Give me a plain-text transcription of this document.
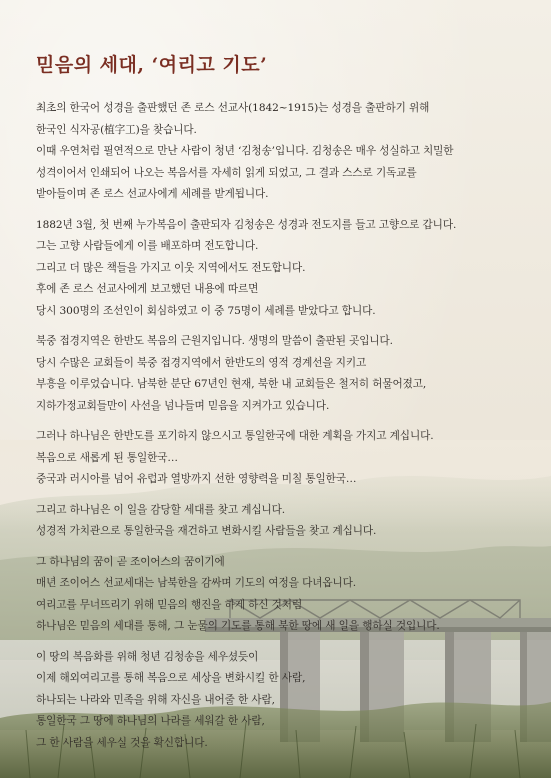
믿음의 세대, ‘여리고 기도’
최초의 한국어 성경을 출판했던 존 로스 선교사(1842~1915)는 성경을 출판하기 위해
한국인 식자공(植字工)을 찾습니다.
이때 우연처럼 필연적으로 만난 사람이 청년 ‘김청송’입니다. 김청송은 매우 성실하고 치밀한
성격이어서 인쇄되어 나오는 복음서를 자세히 읽게 되었고, 그 결과 스스로 기독교를
받아들이며 존 로스 선교사에게 세례를 받게됩니다.
1882년 3월, 첫 번째 누가복음이 출판되자 김청송은 성경과 전도지를 들고 고향으로 갑니다.
그는 고향 사람들에게 이를 배포하며 전도합니다.
그리고 더 많은 책들을 가지고 이웃 지역에서도 전도합니다.
후에 존 로스 선교사에게 보고했던 내용에 따르면
당시 300명의 조선인이 회심하였고 이 중 75명이 세례를 받았다고 합니다.
북중 접경지역은 한반도 복음의 근원지입니다. 생명의 말씀이 출판된 곳입니다.
당시 수많은 교회들이 북중 접경지역에서 한반도의 영적 경계선을 지키고
부흥을 이루었습니다. 남북한 분단 67년인 현재, 북한 내 교회들은 철저히 허물어졌고,
지하가정교회들만이 사선을 넘나들며 믿음을 지켜가고 있습니다.
그러나 하나님은 한반도를 포기하지 않으시고 통일한국에 대한 계획을 가지고 계십니다.
복음으로 새롭게 된 통일한국…
중국과 러시아를 넘어 유럽과 열방까지 선한 영향력을 미칠 통일한국…
그리고 하나님은 이 일을 감당할 세대를 찾고 계십니다.
성경적 가치관으로 통일한국을 재건하고 변화시킬 사람들을 찾고 계십니다.
그 하나님의 꿈이 곧 조이어스의 꿈이기에
매년 조이어스 선교세대는 남북한을 감싸며 기도의 여정을 다녀옵니다.
여리고를 무너뜨리기 위해 믿음의 행진을 하게 하신 것처럼
하나님은 믿음의 세대를 통해, 그 눈물의 기도를 통해 북한 땅에 새 일을 행하실 것입니다.
이 땅의 복음화를 위해 청년 김청송을 세우셨듯이
이제 해외여리고를 통해 복음으로 세상을 변화시킬 한 사람,
하나되는 나라와 민족을 위해 자신을 내어줄 한 사람,
통일한국 그 땅에 하나님의 나라를 세워갈 한 사람,
그 한 사람을 세우실 것을 확신합니다.
